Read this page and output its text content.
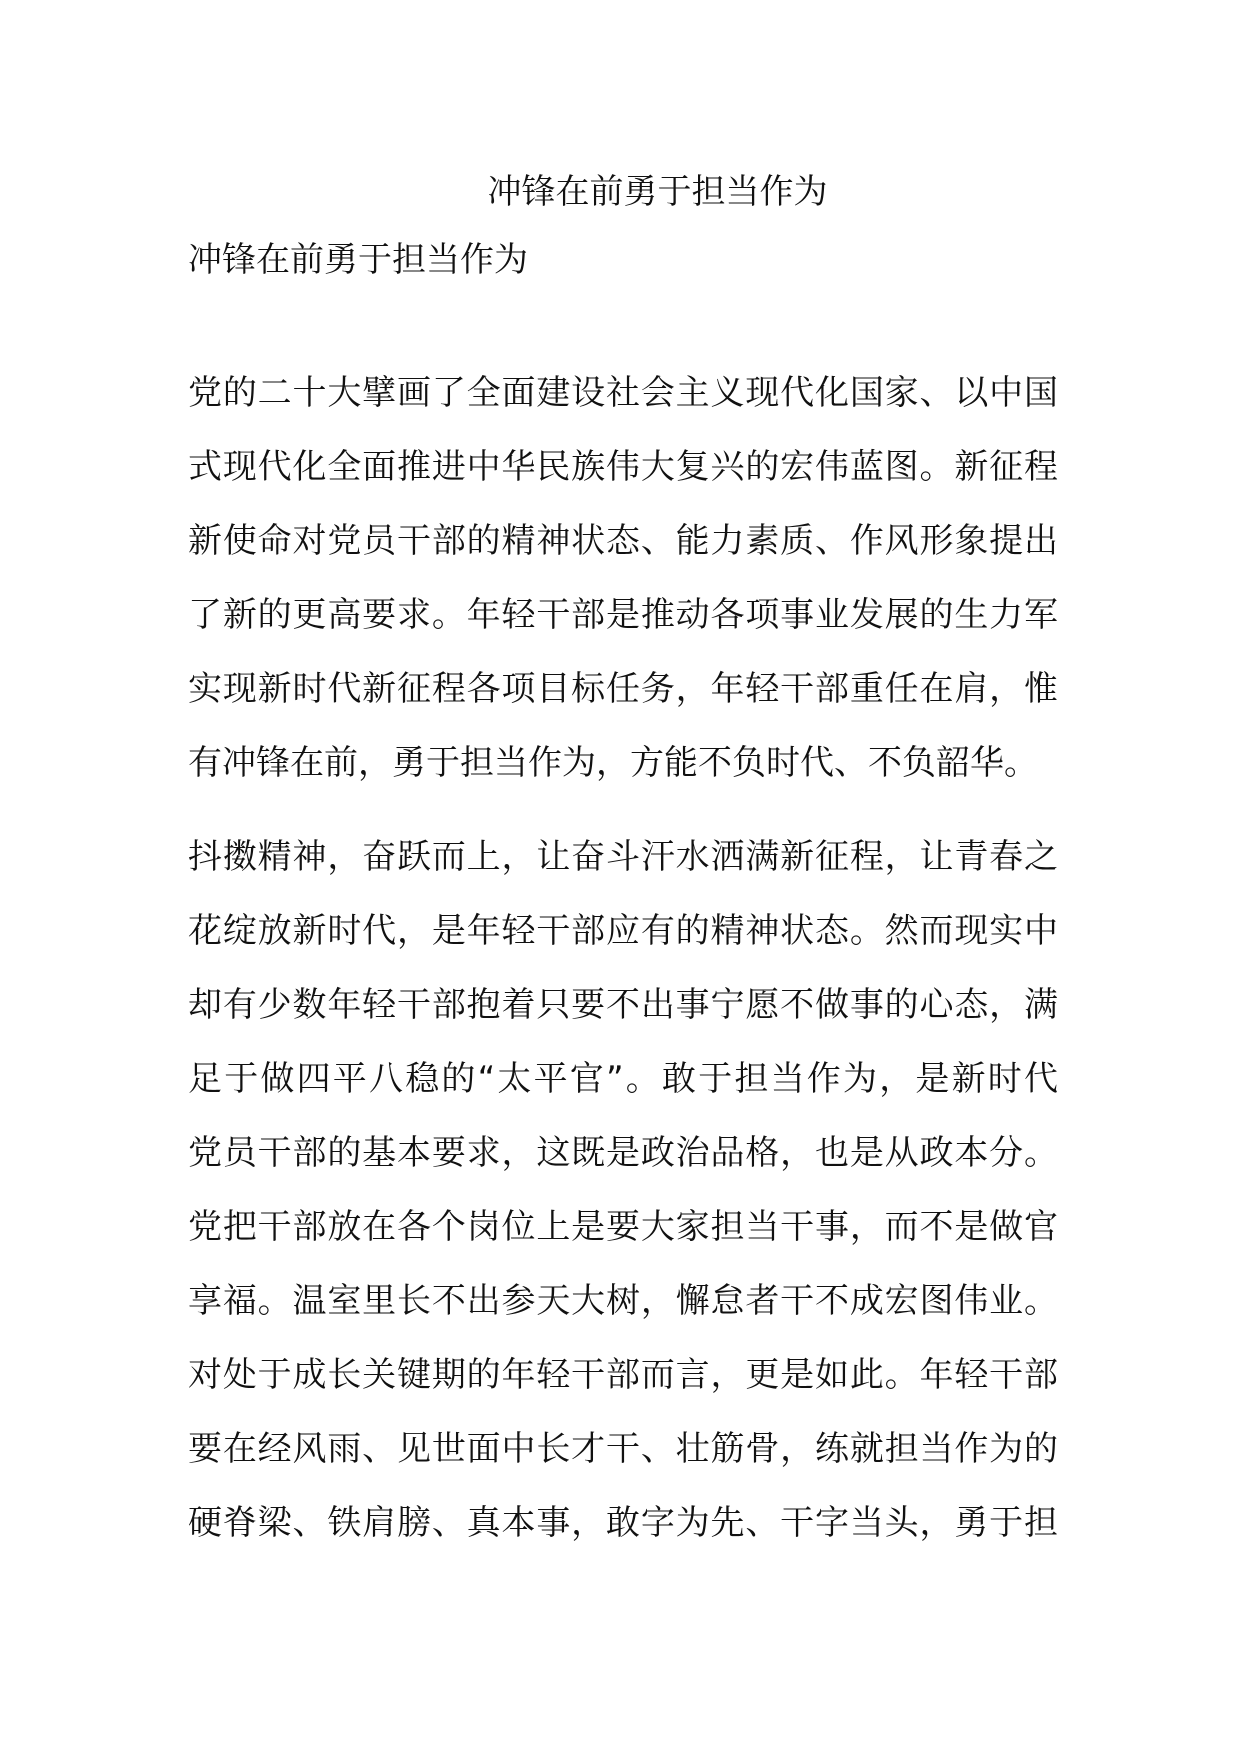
冲锋在前勇于担当作为
冲锋在前勇于担当作为
党的二十大擘画了全面建设社会主义现代化国家、以中国
式现代化全面推进中华民族伟大复兴的宏伟蓝图。新征程
新使命对党员干部的精神状态、能力素质、作风形象提出
了新的更高要求。年轻干部是推动各项事业发展的生力军
实现新时代新征程各项目标任务，年轻干部重任在肩，惟
有冲锋在前，勇于担当作为，方能不负时代、不负韶华。
抖擞精神，奋跃而上，让奋斗汗水洒满新征程，让青春之
花绽放新时代，是年轻干部应有的精神状态。然而现实中
却有少数年轻干部抱着只要不出事宁愿不做事的心态，满
足于做四平八稳的“太平官”。敢于担当作为，是新时代
党员干部的基本要求，这既是政治品格，也是从政本分。
党把干部放在各个岗位上是要大家担当干事，而不是做官
享福。温室里长不出参天大树，懈怠者干不成宏图伟业。
对处于成长关键期的年轻干部而言，更是如此。年轻干部
要在经风雨、见世面中长才干、壮筋骨，练就担当作为的
硬脊梁、铁肩膀、真本事，敢字为先、干字当头，勇于担
